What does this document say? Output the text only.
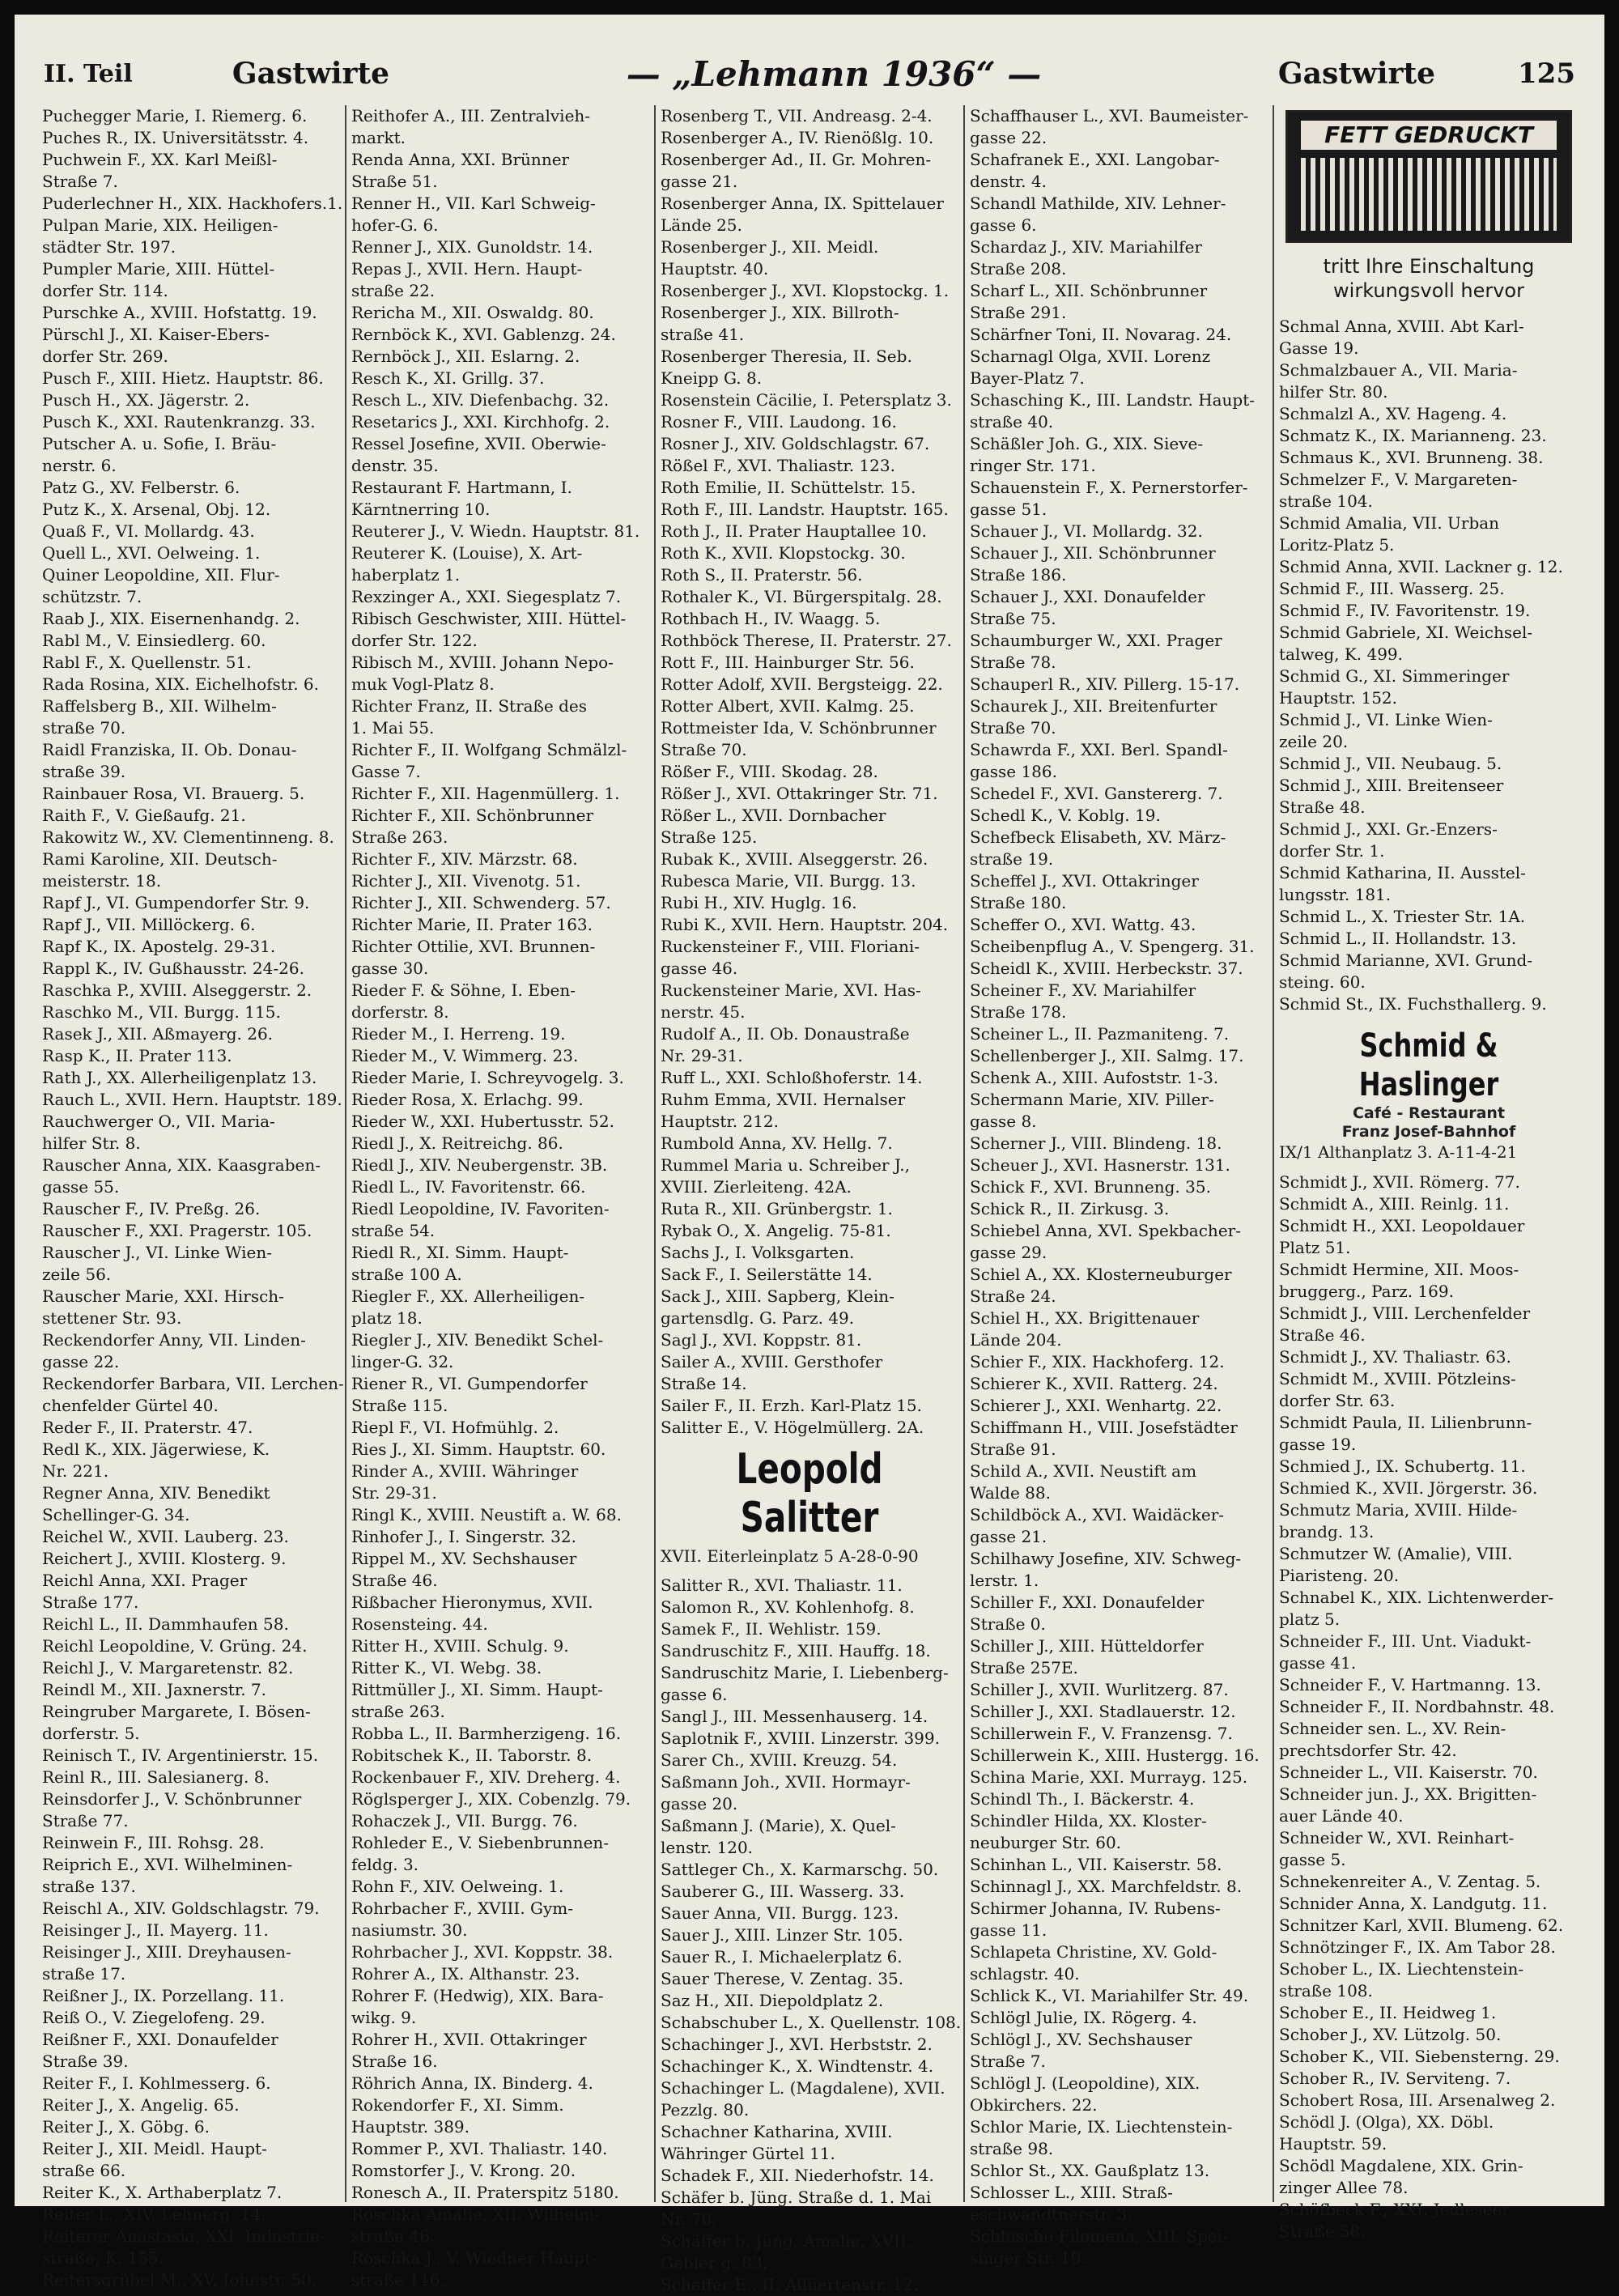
II. Teil	Gastwirte	— „Lehmann 1936“ —	Gastwirte	125
Puchegger Marie, I. Riemerg. 6.
Puches R., IX. Universitätsstr. 4.
Puchwein F., XX. Karl Meißl-
Straße 7.
Puderlechner H., XIX. Hackhofers.1.
Pulpan Marie, XIX. Heiligen-
städter Str. 197.
Pumpler Marie, XIII. Hüttel-
dorfer Str. 114.
Purschke A., XVIII. Hofstattg. 19.
Pürschl J., XI. Kaiser-Ebers-
dorfer Str. 269.
Pusch F., XIII. Hietz. Hauptstr. 86.
Pusch H., XX. Jägerstr. 2.
Pusch K., XXI. Rautenkranzg. 33.
Putscher A. u. Sofie, I. Bräu-
nerstr. 6.
Patz G., XV. Felberstr. 6.
Putz K., X. Arsenal, Obj. 12.
Quaß F., VI. Mollardg. 43.
Quell L., XVI. Oelweing. 1.
Quiner Leopoldine, XII. Flur-
schützstr. 7.
Raab J., XIX. Eisernenhandg. 2.
Rabl M., V. Einsiedlerg. 60.
Rabl F., X. Quellenstr. 51.
Rada Rosina, XIX. Eichelhofstr. 6.
Raffelsberg B., XII. Wilhelm-
straße 70.
Raidl Franziska, II. Ob. Donau-
straße 39.
Rainbauer Rosa, VI. Brauerg. 5.
Raith F., V. Gießaufg. 21.
Rakowitz W., XV. Clementinneng. 8.
Rami Karoline, XII. Deutsch-
meisterstr. 18.
Rapf J., VI. Gumpendorfer Str. 9.
Rapf J., VII. Millöckerg. 6.
Rapf K., IX. Apostelg. 29-31.
Rappl K., IV. Gußhausstr. 24-26.
Raschka P., XVIII. Alseggerstr. 2.
Raschko M., VII. Burgg. 115.
Rasek J., XII. Aßmayerg. 26.
Rasp K., II. Prater 113.
Rath J., XX. Allerheiligenplatz 13.
Rauch L., XVII. Hern. Hauptstr. 189.
Rauchwerger O., VII. Maria-
hilfer Str. 8.
Rauscher Anna, XIX. Kaasgraben-
gasse 55.
Rauscher F., IV. Preßg. 26.
Rauscher F., XXI. Pragerstr. 105.
Rauscher J., VI. Linke Wien-
zeile 56.
Rauscher Marie, XXI. Hirsch-
stettener Str. 93.
Reckendorfer Anny, VII. Linden-
gasse 22.
Reckendorfer Barbara, VII. Lerchen-
chenfelder Gürtel 40.
Reder F., II. Praterstr. 47.
Redl K., XIX. Jägerwiese, K.
Nr. 221.
Regner Anna, XIV. Benedikt
Schellinger-G. 34.
Reichel W., XVII. Lauberg. 23.
Reichert J., XVIII. Klosterg. 9.
Reichl Anna, XXI. Prager
Straße 177.
Reichl L., II. Dammhaufen 58.
Reichl Leopoldine, V. Grüng. 24.
Reichl J., V. Margaretenstr. 82.
Reindl M., XII. Jaxnerstr. 7.
Reingruber Margarete, I. Bösen-
dorferstr. 5.
Reinisch T., IV. Argentinierstr. 15.
Reinl R., III. Salesianerg. 8.
Reinsdorfer J., V. Schönbrunner
Straße 77.
Reinwein F., III. Rohsg. 28.
Reiprich E., XVI. Wilhelminen-
straße 137.
Reischl A., XIV. Goldschlagstr. 79.
Reisinger J., II. Mayerg. 11.
Reisinger J., XIII. Dreyhausen-
straße 17.
Reißner J., IX. Porzellang. 11.
Reiß O., V. Ziegelofeng. 29.
Reißner F., XXI. Donaufelder
Straße 39.
Reiter F., I. Kohlmesserg. 6.
Reiter J., X. Angelig. 65.
Reiter J., X. Göbg. 6.
Reiter J., XII. Meidl. Haupt-
straße 66.
Reiter K., X. Arthaberplatz 7.
Reiter L., XIV. Lehnerg. 14.
Reiterer Anastasia, XXI. Industrie-
straße, K. 155.
Reitersgrübel M., XV. Johnstr. 50.
Reithofer A., III. Zentralvieh-
markt.
Renda Anna, XXI. Brünner
Straße 51.
Renner H., VII. Karl Schweig-
hofer-G. 6.
Renner J., XIX. Gunoldstr. 14.
Repas J., XVII. Hern. Haupt-
straße 22.
Rericha M., XII. Oswaldg. 80.
Rernböck K., XVI. Gablenzg. 24.
Rernböck J., XII. Eslarng. 2.
Resch K., XI. Grillg. 37.
Resch L., XIV. Diefenbachg. 32.
Resetarics J., XXI. Kirchhofg. 2.
Ressel Josefine, XVII. Oberwie-
denstr. 35.
Restaurant F. Hartmann, I.
Kärntnerring 10.
Reuterer J., V. Wiedn. Hauptstr. 81.
Reuterer K. (Louise), X. Art-
haberplatz 1.
Rexzinger A., XXI. Siegesplatz 7.
Ribisch Geschwister, XIII. Hüttel-
dorfer Str. 122.
Ribisch M., XVIII. Johann Nepo-
muk Vogl-Platz 8.
Richter Franz, II. Straße des
1. Mai 55.
Richter F., II. Wolfgang Schmälzl-
Gasse 7.
Richter F., XII. Hagenmüllerg. 1.
Richter F., XII. Schönbrunner
Straße 263.
Richter F., XIV. Märzstr. 68.
Richter J., XII. Vivenotg. 51.
Richter J., XII. Schwenderg. 57.
Richter Marie, II. Prater 163.
Richter Ottilie, XVI. Brunnen-
gasse 30.
Rieder F. & Söhne, I. Eben-
dorferstr. 8.
Rieder M., I. Herreng. 19.
Rieder M., V. Wimmerg. 23.
Rieder Marie, I. Schreyvogelg. 3.
Rieder Rosa, X. Erlachg. 99.
Rieder W., XXI. Hubertusstr. 52.
Riedl J., X. Reitreichg. 86.
Riedl J., XIV. Neubergenstr. 3B.
Riedl L., IV. Favoritenstr. 66.
Riedl Leopoldine, IV. Favoriten-
straße 54.
Riedl R., XI. Simm. Haupt-
straße 100 A.
Riegler F., XX. Allerheiligen-
platz 18.
Riegler J., XIV. Benedikt Schel-
linger-G. 32.
Riener R., VI. Gumpendorfer
Straße 115.
Riepl F., VI. Hofmühlg. 2.
Ries J., XI. Simm. Hauptstr. 60.
Rinder A., XVIII. Währinger
Str. 29-31.
Ringl K., XVIII. Neustift a. W. 68.
Rinhofer J., I. Singerstr. 32.
Rippel M., XV. Sechshauser
Straße 46.
Rißbacher Hieronymus, XVII.
Rosensteing. 44.
Ritter H., XVIII. Schulg. 9.
Ritter K., VI. Webg. 38.
Rittmüller J., XI. Simm. Haupt-
straße 263.
Robba L., II. Barmherzigeng. 16.
Robitschek K., II. Taborstr. 8.
Rockenbauer F., XIV. Dreherg. 4.
Röglsperger J., XIX. Cobenzlg. 79.
Rohaczek J., VII. Burgg. 76.
Rohleder E., V. Siebenbrunnen-
feldg. 3.
Rohn F., XIV. Oelweing. 1.
Rohrbacher F., XVIII. Gym-
nasiumstr. 30.
Rohrbacher J., XVI. Koppstr. 38.
Rohrer A., IX. Althanstr. 23.
Rohrer F. (Hedwig), XIX. Bara-
wikg. 9.
Rohrer H., XVII. Ottakringer
Straße 16.
Röhrich Anna, IX. Binderg. 4.
Rokendorfer F., XI. Simm.
Hauptstr. 389.
Rommer P., XVI. Thaliastr. 140.
Romstorfer J., V. Krong. 20.
Ronesch A., II. Praterspitz 5180.
Roschka Amalie, XII. Wilhelm-
straße 46.
Roschka J., V. Wiedner Haupt-
straße 116.
Rosenberg T., VII. Andreasg. 2-4.
Rosenberger A., IV. Rienößlg. 10.
Rosenberger Ad., II. Gr. Mohren-
gasse 21.
Rosenberger Anna, IX. Spittelauer
Lände 25.
Rosenberger J., XII. Meidl.
Hauptstr. 40.
Rosenberger J., XVI. Klopstockg. 1.
Rosenberger J., XIX. Billroth-
straße 41.
Rosenberger Theresia, II. Seb.
Kneipp G. 8.
Rosenstein Cäcilie, I. Petersplatz 3.
Rosner F., VIII. Laudong. 16.
Rosner J., XIV. Goldschlagstr. 67.
Rößel F., XVI. Thaliastr. 123.
Roth Emilie, II. Schüttelstr. 15.
Roth F., III. Landstr. Hauptstr. 165.
Roth J., II. Prater Hauptallee 10.
Roth K., XVII. Klopstockg. 30.
Roth S., II. Praterstr. 56.
Rothaler K., VI. Bürgerspitalg. 28.
Rothbach H., IV. Waagg. 5.
Rothböck Therese, II. Praterstr. 27.
Rott F., III. Hainburger Str. 56.
Rotter Adolf, XVII. Bergsteigg. 22.
Rotter Albert, XVII. Kalmg. 25.
Rottmeister Ida, V. Schönbrunner
Straße 70.
Rößer F., VIII. Skodag. 28.
Rößer J., XVI. Ottakringer Str. 71.
Rößer L., XVII. Dornbacher
Straße 125.
Rubak K., XVIII. Alseggerstr. 26.
Rubesca Marie, VII. Burgg. 13.
Rubi H., XIV. Huglg. 16.
Rubi K., XVII. Hern. Hauptstr. 204.
Ruckensteiner F., VIII. Floriani-
gasse 46.
Ruckensteiner Marie, XVI. Has-
nerstr. 45.
Rudolf A., II. Ob. Donaustraße
Nr. 29-31.
Ruff L., XXI. Schloßhoferstr. 14.
Ruhm Emma, XVII. Hernalser
Hauptstr. 212.
Rumbold Anna, XV. Hellg. 7.
Rummel Maria u. Schreiber J.,
XVIII. Zierleiteng. 42A.
Ruta R., XII. Grünbergstr. 1.
Rybak O., X. Angelig. 75-81.
Sachs J., I. Volksgarten.
Sack F., I. Seilerstätte 14.
Sack J., XIII. Sapberg, Klein-
gartensdlg. G. Parz. 49.
Sagl J., XVI. Koppstr. 81.
Sailer A., XVIII. Gersthofer
Straße 14.
Sailer F., II. Erzh. Karl-Platz 15.
Salitter E., V. Högelmüllerg. 2A.
Leopold Salitter
XVII. Eiterleinplatz 5 A-28-0-90
Salitter R., XVI. Thaliastr. 11.
Salomon R., XV. Kohlenhofg. 8.
Samek F., II. Wehlistr. 159.
Sandruschitz F., XIII. Hauffg. 18.
Sandruschitz Marie, I. Liebenberg-
gasse 6.
Sangl J., III. Messenhauserg. 14.
Saplotnik F., XVIII. Linzerstr. 399.
Sarer Ch., XVIII. Kreuzg. 54.
Saßmann Joh., XVII. Hormayr-
gasse 20.
Saßmann J. (Marie), X. Quel-
lenstr. 120.
Sattleger Ch., X. Karmarschg. 50.
Sauberer G., III. Wasserg. 33.
Sauer Anna, VII. Burgg. 123.
Sauer J., XIII. Linzer Str. 105.
Sauer R., I. Michaelerplatz 6.
Sauer Therese, V. Zentag. 35.
Saz H., XII. Diepoldplatz 2.
Schabschuber L., X. Quellenstr. 108.
Schachinger J., XVI. Herbststr. 2.
Schachinger K., X. Windtenstr. 4.
Schachinger L. (Magdalene), XVII.
Pezzlg. 80.
Schachner Katharina, XVIII.
Währinger Gürtel 11.
Schadek F., XII. Niederhofstr. 14.
Schäfer b. Jüng. Straße d. 1. Mai
Nr. 70.
Schäffer b. Jüng. Amalie, XVII.
Gebler g. 83.
Schaffer E., II. Alliiertenstr. 12.
Schaffhauser L., XVI. Baumeister-
gasse 22.
Schafranek E., XXI. Langobar-
denstr. 4.
Schandl Mathilde, XIV. Lehner-
gasse 6.
Schardaz J., XIV. Mariahilfer
Straße 208.
Scharf L., XII. Schönbrunner
Straße 291.
Schärfner Toni, II. Novarag. 24.
Scharnagl Olga, XVII. Lorenz
Bayer-Platz 7.
Schasching K., III. Landstr. Haupt-
straße 40.
Schäßler Joh. G., XIX. Sieve-
ringer Str. 171.
Schauenstein F., X. Pernerstorfer-
gasse 51.
Schauer J., VI. Mollardg. 32.
Schauer J., XII. Schönbrunner
Straße 186.
Schauer J., XXI. Donaufelder
Straße 75.
Schaumburger W., XXI. Prager
Straße 78.
Schauperl R., XIV. Pillerg. 15-17.
Schaurek J., XII. Breitenfurter
Straße 70.
Schawrda F., XXI. Berl. Spandl-
gasse 186.
Schedel F., XVI. Ganstererg. 7.
Schedl K., V. Koblg. 19.
Schefbeck Elisabeth, XV. März-
straße 19.
Scheffel J., XVI. Ottakringer
Straße 180.
Scheffer O., XVI. Wattg. 43.
Scheibenpflug A., V. Spengerg. 31.
Scheidl K., XVIII. Herbeckstr. 37.
Scheiner F., XV. Mariahilfer
Straße 178.
Scheiner L., II. Pazmaniteng. 7.
Schellenberger J., XII. Salmg. 17.
Schenk A., XIII. Aufoststr. 1-3.
Schermann Marie, XIV. Piller-
gasse 8.
Scherner J., VIII. Blindeng. 18.
Scheuer J., XVI. Hasnerstr. 131.
Schick F., XVI. Brunneng. 35.
Schick R., II. Zirkusg. 3.
Schiebel Anna, XVI. Spekbacher-
gasse 29.
Schiel A., XX. Klosterneuburger
Straße 24.
Schiel H., XX. Brigittenauer
Lände 204.
Schier F., XIX. Hackhoferg. 12.
Schierer K., XVII. Ratterg. 24.
Schierer J., XXI. Wenhartg. 22.
Schiffmann H., VIII. Josefstädter
Straße 91.
Schild A., XVII. Neustift am
Walde 88.
Schildböck A., XVI. Waidäcker-
gasse 21.
Schilhawy Josefine, XIV. Schweg-
lerstr. 1.
Schiller F., XXI. Donaufelder
Straße 0.
Schiller J., XIII. Hütteldorfer
Straße 257E.
Schiller J., XVII. Wurlitzerg. 87.
Schiller J., XXI. Stadlauerstr. 12.
Schillerwein F., V. Franzensg. 7.
Schillerwein K., XIII. Hustergg. 16.
Schina Marie, XXI. Murrayg. 125.
Schindl Th., I. Bäckerstr. 4.
Schindler Hilda, XX. Kloster-
neuburger Str. 60.
Schinhan L., VII. Kaiserstr. 58.
Schinnagl J., XX. Marchfeldstr. 8.
Schirmer Johanna, IV. Rubens-
gasse 11.
Schlapeta Christine, XV. Gold-
schlagstr. 40.
Schlick K., VI. Mariahilfer Str. 49.
Schlögl Julie, IX. Rögerg. 4.
Schlögl J., XV. Sechshauser
Straße 7.
Schlögl J. (Leopoldine), XIX.
Obkirchers. 22.
Schlor Marie, IX. Liechtenstein-
straße 98.
Schlor St., XX. Gaußplatz 13.
Schlosser L., XIII. Straß-
eschwandtnerstr. 3.
Schlusche Filomena, XIII. Spei-
singer Str. 19.
FETT GEDRUCKT
tritt Ihre Einschaltung
wirkungsvoll hervor
Schmal Anna, XVIII. Abt Karl-
Gasse 19.
Schmalzbauer A., VII. Maria-
hilfer Str. 80.
Schmalzl A., XV. Hageng. 4.
Schmatz K., IX. Marianneng. 23.
Schmaus K., XVI. Brunneng. 38.
Schmelzer F., V. Margareten-
straße 104.
Schmid Amalia, VII. Urban
Loritz-Platz 5.
Schmid Anna, XVII. Lackner g. 12.
Schmid F., III. Wasserg. 25.
Schmid F., IV. Favoritenstr. 19.
Schmid Gabriele, XI. Weichsel-
talweg, K. 499.
Schmid G., XI. Simmeringer
Hauptstr. 152.
Schmid J., VI. Linke Wien-
zeile 20.
Schmid J., VII. Neubaug. 5.
Schmid J., XIII. Breitenseer
Straße 48.
Schmid J., XXI. Gr.-Enzers-
dorfer Str. 1.
Schmid Katharina, II. Ausstel-
lungsstr. 181.
Schmid L., X. Triester Str. 1A.
Schmid L., II. Hollandstr. 13.
Schmid Marianne, XVI. Grund-
steing. 60.
Schmid St., IX. Fuchsthallerg. 9.
Schmid & Haslinger
Café - Restaurant
Franz Josef-Bahnhof
IX/1 Althanplatz 3. A-11-4-21
Schmidt J., XVII. Römerg. 77.
Schmidt A., XIII. Reinlg. 11.
Schmidt H., XXI. Leopoldauer
Platz 51.
Schmidt Hermine, XII. Moos-
bruggerg., Parz. 169.
Schmidt J., VIII. Lerchenfelder
Straße 46.
Schmidt J., XV. Thaliastr. 63.
Schmidt M., XVIII. Pötzleins-
dorfer Str. 63.
Schmidt Paula, II. Lilienbrunn-
gasse 19.
Schmied J., IX. Schubertg. 11.
Schmied K., XVII. Jörgerstr. 36.
Schmutz Maria, XVIII. Hilde-
brandg. 13.
Schmutzer W. (Amalie), VIII.
Piaristeng. 20.
Schnabel K., XIX. Lichtenwerder-
platz 5.
Schneider F., III. Unt. Viadukt-
gasse 41.
Schneider F., V. Hartmanng. 13.
Schneider F., II. Nordbahnstr. 48.
Schneider sen. L., XV. Rein-
prechtsdorfer Str. 42.
Schneider L., VII. Kaiserstr. 70.
Schneider jun. J., XX. Brigitten-
auer Lände 40.
Schneider W., XVI. Reinhart-
gasse 5.
Schnekenreiter A., V. Zentag. 5.
Schnider Anna, X. Landgutg. 11.
Schnitzer Karl, XVII. Blumeng. 62.
Schnötzinger F., IX. Am Tabor 28.
Schober L., IX. Liechtenstein-
straße 108.
Schober E., II. Heidweg 1.
Schober J., XV. Lützolg. 50.
Schober K., VII. Siebensterng. 29.
Schober R., IV. Serviteng. 7.
Schobert Rosa, III. Arsenalweg 2.
Schödl J. (Olga), XX. Döbl.
Hauptstr. 59.
Schödl Magdalene, XIX. Grin-
zinger Allee 78.
Schöfbeck F., XXI. Jedleseer
Straße 58.
